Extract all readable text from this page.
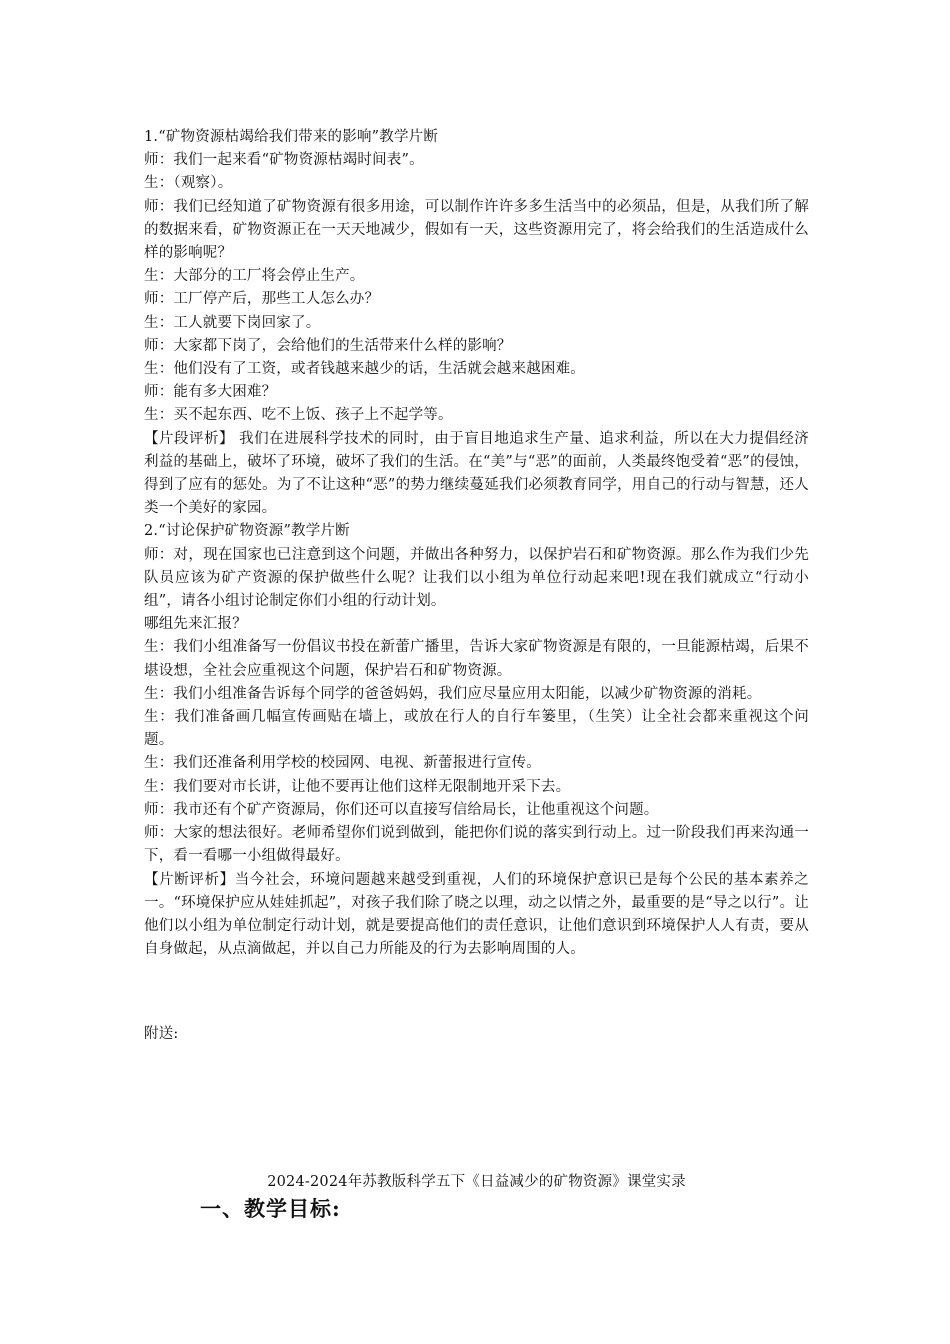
1.“矿物资源枯竭给我们带来的影响”教学片断

师：我们一起来看“矿物资源枯竭时间表”。

生：（观察）。

师：我们已经知道了矿物资源有很多用途，可以制作许许多多生活当中的必须品，但是，从我们所了解的数据来看，矿物资源正在一天天地减少，假如有一天，这些资源用完了，将会给我们的生活造成什么样的影响呢？

生：大部分的工厂将会停止生产。

师：工厂停产后，那些工人怎么办？

生：工人就要下岗回家了。

师：大家都下岗了，会给他们的生活带来什么样的影响？

生：他们没有了工资，或者钱越来越少的话，生活就会越来越困难。

师：能有多大困难？

生：买不起东西、吃不上饭、孩子上不起学等。

【片段评析】 我们在进展科学技术的同时，由于盲目地追求生产量、追求利益，所以在大力提倡经济利益的基础上，破坏了环境，破坏了我们的生活。在“美”与“恶”的面前，人类最终饱受着“恶”的侵蚀，得到了应有的惩处。为了不让这种“恶”的势力继续蔓延我们必须教育同学，用自己的行动与智慧，还人类一个美好的家园。

2.“讨论保护矿物资源”教学片断

师：对，现在国家也已注意到这个问题，并做出各种努力，以保护岩石和矿物资源。那么作为我们少先队员应该为矿产资源的保护做些什么呢？让我们以小组为单位行动起来吧!现在我们就成立“行动小组”，请各小组讨论制定你们小组的行动计划。

哪组先来汇报？

生：我们小组准备写一份倡议书投在新蕾广播里，告诉大家矿物资源是有限的，一旦能源枯竭，后果不堪设想，全社会应重视这个问题，保护岩石和矿物资源。

生：我们小组准备告诉每个同学的爸爸妈妈，我们应尽量应用太阳能，以减少矿物资源的消耗。

生：我们准备画几幅宣传画贴在墙上，或放在行人的自行车篓里，（生笑）让全社会都来重视这个问题。

生：我们还准备利用学校的校园网、电视、新蕾报进行宣传。

生：我们要对市长讲，让他不要再让他们这样无限制地开采下去。

师：我市还有个矿产资源局，你们还可以直接写信给局长，让他重视这个问题。

师：大家的想法很好。老师希望你们说到做到，能把你们说的落实到行动上。过一阶段我们再来沟通一下，看一看哪一小组做得最好。

【片断评析】当今社会，环境问题越来越受到重视，人们的环境保护意识已是每个公民的基本素养之一。“环境保护应从娃娃抓起”，对孩子我们除了晓之以理，动之以情之外，最重要的是“导之以行”。让他们以小组为单位制定行动计划，就是要提高他们的责任意识，让他们意识到环境保护人人有责，要从自身做起，从点滴做起，并以自己力所能及的行为去影响周围的人。

附送:

2024-2024年苏教版科学五下《日益减少的矿物资源》课堂实录
一、教学目标:
